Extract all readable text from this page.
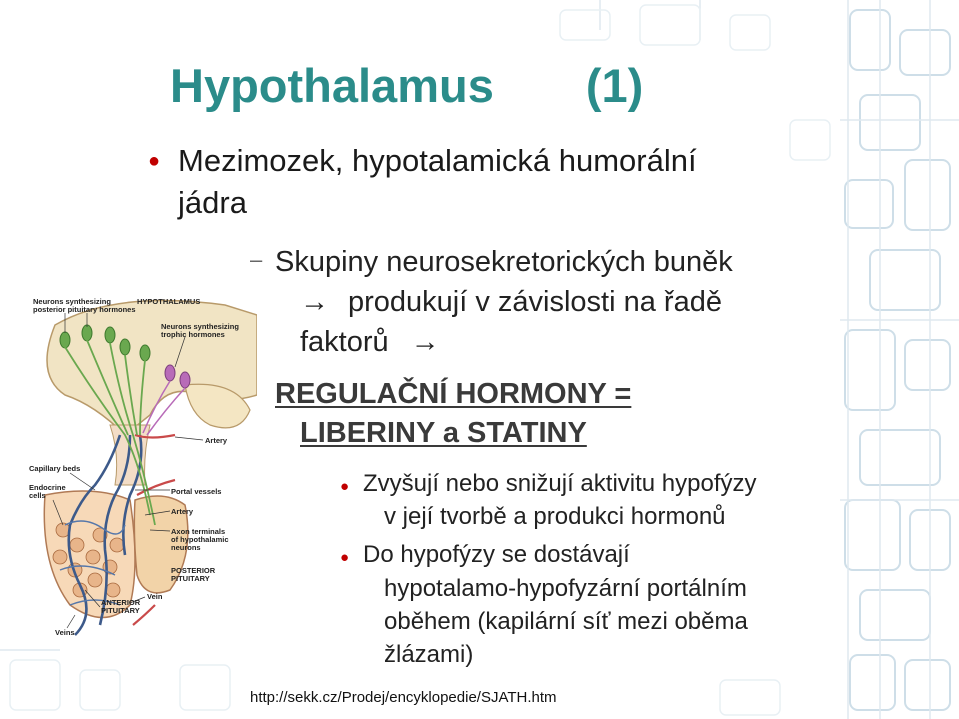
Hypothalamus (1)
● Mezimozek, hypotalamická humorální
jádra
– Skupiny neurosekretorických buněk
→ produkují v závislosti na řadě
faktorů →
REGULAČNÍ HORMONY =
LIBERINY a STATINY
● Zvyšují nebo snižují aktivitu hypofýzy
v její tvorbě a produkci hormonů
● Do hypofýzy se dostávají
hypotalamo-hypofyzární portálním
oběhem (kapilární síť mezi oběma
žlázami)
http://sekk.cz/Prodej/encyklopedie/SJATH.htm
Neurons synthesizing
posterior pituitary hormones
HYPOTHALAMUS
Neurons synthesizing
trophic hormones
Artery
Capillary beds
Portal vessels
Endocrine
cells
Artery
Axon terminals
of hypothalamic
neurons
POSTERIOR
PITUITARY
Vein
ANTERIOR
PITUITARY
Veins
